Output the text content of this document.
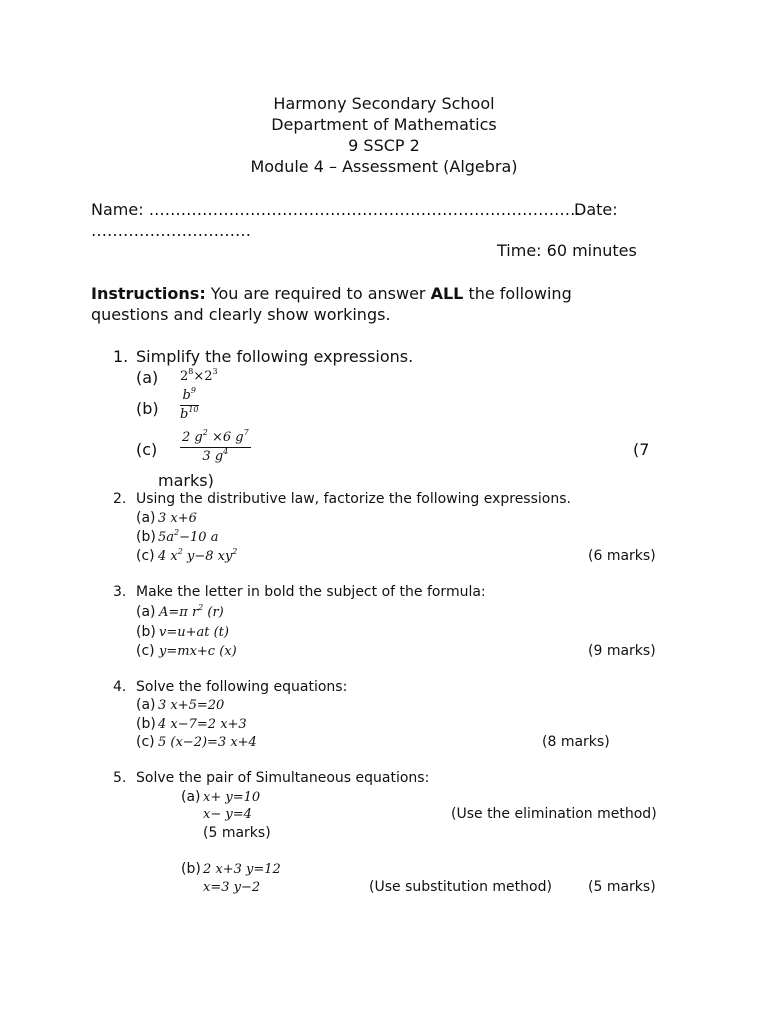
Harmony Secondary School
Department of Mathematics
9 SSCP 2
Module 4 – Assessment (Algebra)
Name: ………………………………………………………………………
Date:
…………………………
Time: 60 minutes
Instructions: You are required to answer ALL the following
questions and clearly show workings.
1. Simplify the following expressions.
(a) $2^8\times 2^3$
$(b) \frac{b^9}{b^{10}}$
$(c) \frac{2 g^2 \times 6 g^7}{3 g^4}$	(7
marks)
2. Using the distributive law, factorize the following expressions.
(a) 3 x+6
(b) $5a^2-10$ a
(c) 4 $x^2$ y−8 $xy^2$	(6 marks)
3. Make the letter in bold the subject of the formula:
(a) A=π $r^2$ (r)
(b) v=u+at (t)
(c) y=mx+c (x)	(9 marks)
4. Solve the following equations:
(a) 3 x+5=20
(b) 4 x−7=2 x+3
(c) 5 (x−2)=3 x+4	(8 marks)
5. Solve the pair of Simultaneous equations:
(a) x+ y=10
x− y=4	(Use the elimination method)
(5 marks)
(b) 2 x+3 y=12
x=3 y−2	(Use substitution method)	(5 marks)
